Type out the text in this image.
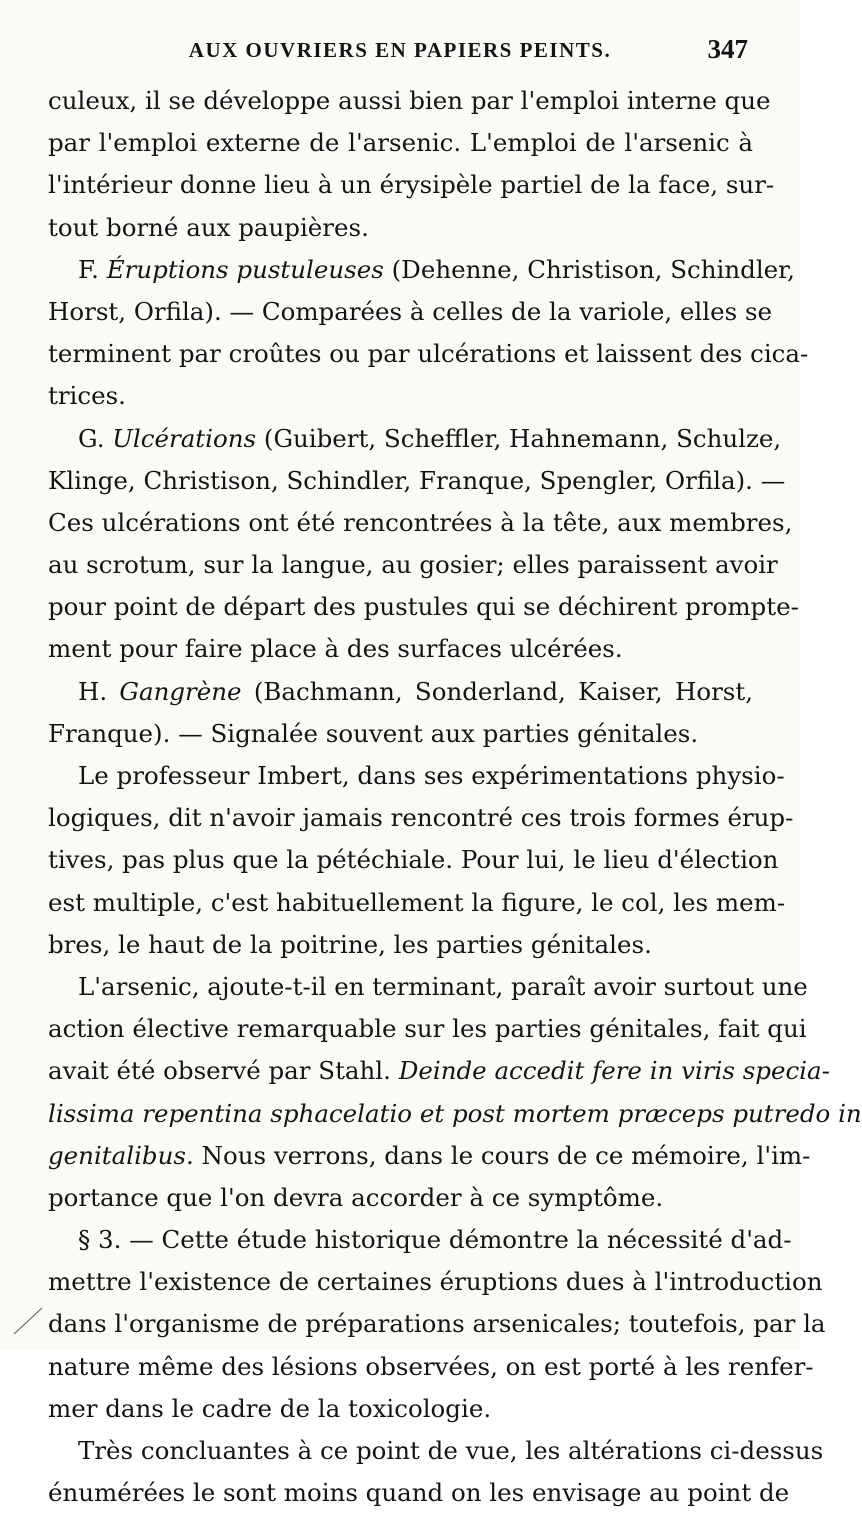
AUX OUVRIERS EN PAPIERS PEINTS.	347
culeux, il se développe aussi bien par l'emploi interne que
par l'emploi externe de l'arsenic. L'emploi de l'arsenic à
l'intérieur donne lieu à un érysipèle partiel de la face, sur-
tout borné aux paupières.
F. Éruptions pustuleuses (Dehenne, Christison, Schindler,
Horst, Orfila). — Comparées à celles de la variole, elles se
terminent par croûtes ou par ulcérations et laissent des cica-
trices.
G. Ulcérations (Guibert, Scheffler, Hahnemann, Schulze,
Klinge, Christison, Schindler, Franque, Spengler, Orfila). —
Ces ulcérations ont été rencontrées à la tête, aux membres,
au scrotum, sur la langue, au gosier; elles paraissent avoir
pour point de départ des pustules qui se déchirent prompte-
ment pour faire place à des surfaces ulcérées.
H. Gangrène (Bachmann, Sonderland, Kaiser, Horst,
Franque). — Signalée souvent aux parties génitales.
Le professeur Imbert, dans ses expérimentations physio-
logiques, dit n'avoir jamais rencontré ces trois formes érup-
tives, pas plus que la pétéchiale. Pour lui, le lieu d'élection
est multiple, c'est habituellement la figure, le col, les mem-
bres, le haut de la poitrine, les parties génitales.
L'arsenic, ajoute-t-il en terminant, paraît avoir surtout une
action élective remarquable sur les parties génitales, fait qui
avait été observé par Stahl. Deinde accedit fere in viris specia-
lissima repentina sphacelatio et post mortem præceps putredo in
genitalibus. Nous verrons, dans le cours de ce mémoire, l'im-
portance que l'on devra accorder à ce symptôme.
§ 3. — Cette étude historique démontre la nécessité d'ad-
mettre l'existence de certaines éruptions dues à l'introduction
dans l'organisme de préparations arsenicales; toutefois, par la
nature même des lésions observées, on est porté à les renfer-
mer dans le cadre de la toxicologie.
Très concluantes à ce point de vue, les altérations ci-dessus
énumérées le sont moins quand on les envisage au point de
